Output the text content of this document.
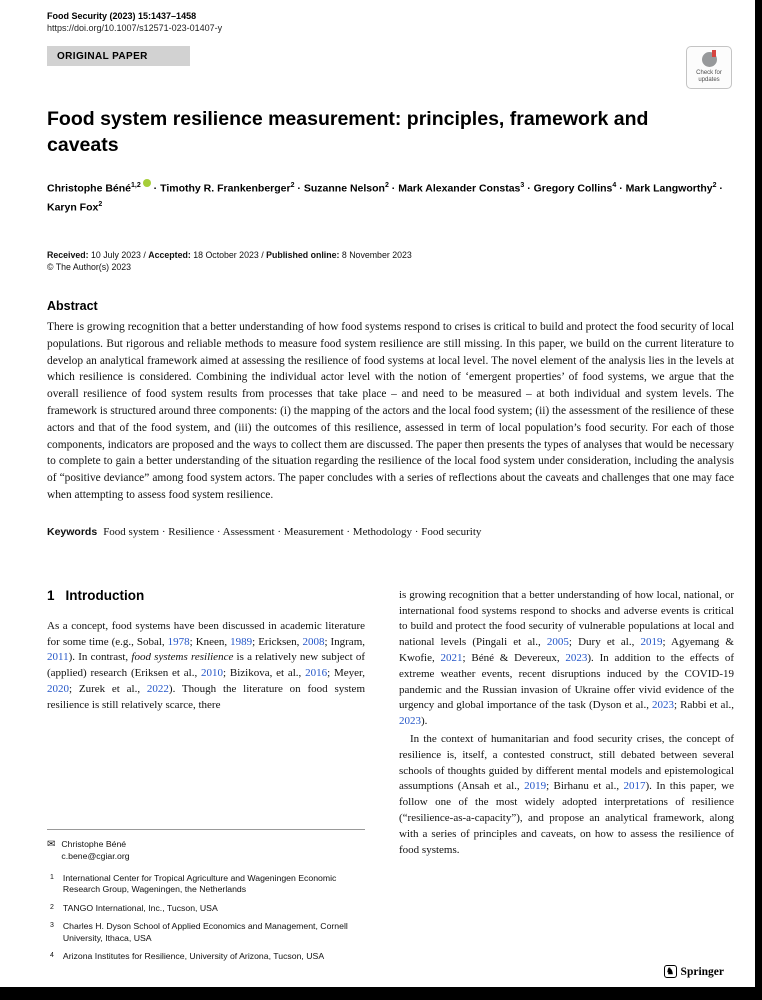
Food Security (2023) 15:1437–1458
https://doi.org/10.1007/s12571-023-01407-y
ORIGINAL PAPER
Food system resilience measurement: principles, framework and caveats
Christophe Béné$^{1,2}$ · Timothy R. Frankenberger$^2$ · Suzanne Nelson$^2$ · Mark Alexander Constas$^3$ · Gregory Collins$^4$ · Mark Langworthy$^2$ · Karyn Fox$^2$
Received: 10 July 2023 / Accepted: 18 October 2023 / Published online: 8 November 2023
© The Author(s) 2023
Abstract

There is growing recognition that a better understanding of how food systems respond to crises is critical to build and protect the food security of local populations. But rigorous and reliable methods to measure food system resilience are still missing. In this paper, we build on the current literature to develop an analytical framework aimed at assessing the resilience of food systems at local level. The novel element of the analysis lies in the levels at which resilience is considered. Combining the individual actor level with the notion of ‘emergent properties’ of food systems, we argue that the overall resilience of food system results from processes that take place – and need to be measured – at both individual and system levels. The framework is structured around three components: (i) the mapping of the actors and the local food system; (ii) the assessment of the resilience of these actors and that of the food system, and (iii) the outcomes of this resilience, assessed in term of local population’s food security. For each of those components, indicators are proposed and the ways to collect them are discussed. The paper then presents the types of analyses that would be necessary to complete to gain a better understanding of the situation regarding the resilience of the local food system under consideration, including the analysis of “positive deviance” among food system actors. The paper concludes with a series of reflections about the caveats and challenges that one may face when attempting to assess food system resilience.

Keywords Food system · Resilience · Assessment · Measurement · Methodology · Food security
1 Introduction

As a concept, food systems have been discussed in academic literature for some time (e.g., Sobal, 1978; Kneen, 1989; Ericksen, 2008; Ingram, 2011). In contrast, food systems resilience is a relatively new subject of (applied) research (Eriksen et al., 2010; Bizikova, et al., 2016; Meyer, 2020; Zurek et al., 2022). Though the literature on food system resilience is still relatively scarce, there

✉ Christophe Béné
c.bene@cgiar.org
1 International Center for Tropical Agriculture and Wageningen Economic Research Group, Wageningen, the Netherlands
2 TANGO International, Inc., Tucson, USA
3 Charles H. Dyson School of Applied Economics and Management, Cornell University, Ithaca, USA
4 Arizona Institutes for Resilience, University of Arizona, Tucson, USA

is growing recognition that a better understanding of how local, national, or international food systems respond to shocks and adverse events is critical to build and protect the food security of vulnerable populations at local and national levels (Pingali et al., 2005; Dury et al., 2019; Agyemang & Kwofie, 2021; Béné & Devereux, 2023). In addition to the effects of extreme weather events, recent disruptions induced by the COVID-19 pandemic and the Russian invasion of Ukraine offer vivid evidence of the urgency and global importance of the task (Dyson et al., 2023; Rabbi et al., 2023).

In the context of humanitarian and food security crises, the concept of resilience is, itself, a contested construct, still debated between several schools of thoughts guided by different mental models and epistemological assumptions (Ansah et al., 2019; Birhanu et al., 2017). In this paper, we follow one of the most widely adopted interpretations of resilience (“resilience-as-a-capacity”), and propose an analytical framework, along with a series of principles and caveats, on how to assess the resilience of food systems.

Check for updates
♞ Springer
